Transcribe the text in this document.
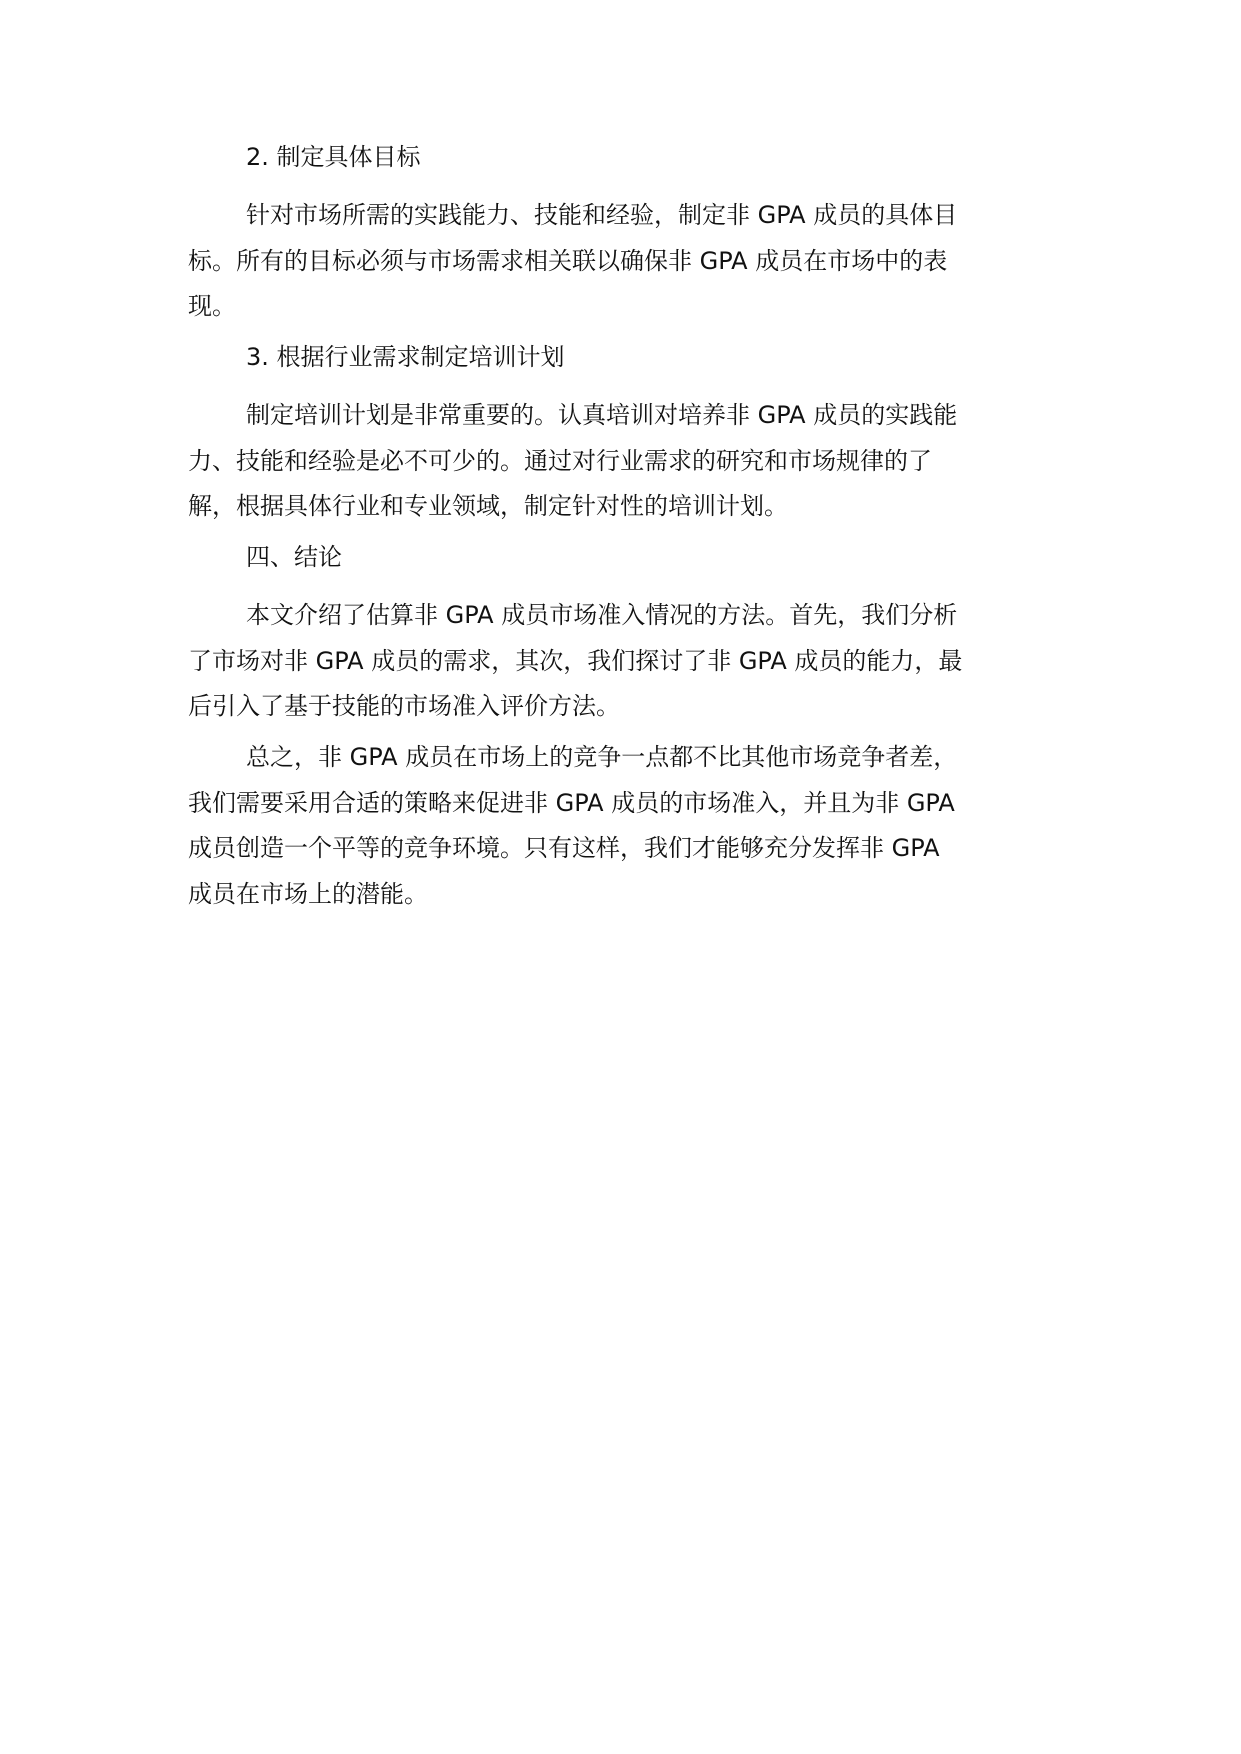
2. 制定具体目标
针对市场所需的实践能力、技能和经验，制定非 GPA 成员的具体目
标。所有的目标必须与市场需求相关联以确保非 GPA 成员在市场中的表
现。
3. 根据行业需求制定培训计划
制定培训计划是非常重要的。认真培训对培养非 GPA 成员的实践能
力、技能和经验是必不可少的。通过对行业需求的研究和市场规律的了
解，根据具体行业和专业领域，制定针对性的培训计划。
四、结论
本文介绍了估算非 GPA 成员市场准入情况的方法。首先，我们分析
了市场对非 GPA 成员的需求，其次，我们探讨了非 GPA 成员的能力，最
后引入了基于技能的市场准入评价方法。
总之，非 GPA 成员在市场上的竞争一点都不比其他市场竞争者差，
我们需要采用合适的策略来促进非 GPA 成员的市场准入，并且为非 GPA
成员创造一个平等的竞争环境。只有这样，我们才能够充分发挥非 GPA
成员在市场上的潜能。
